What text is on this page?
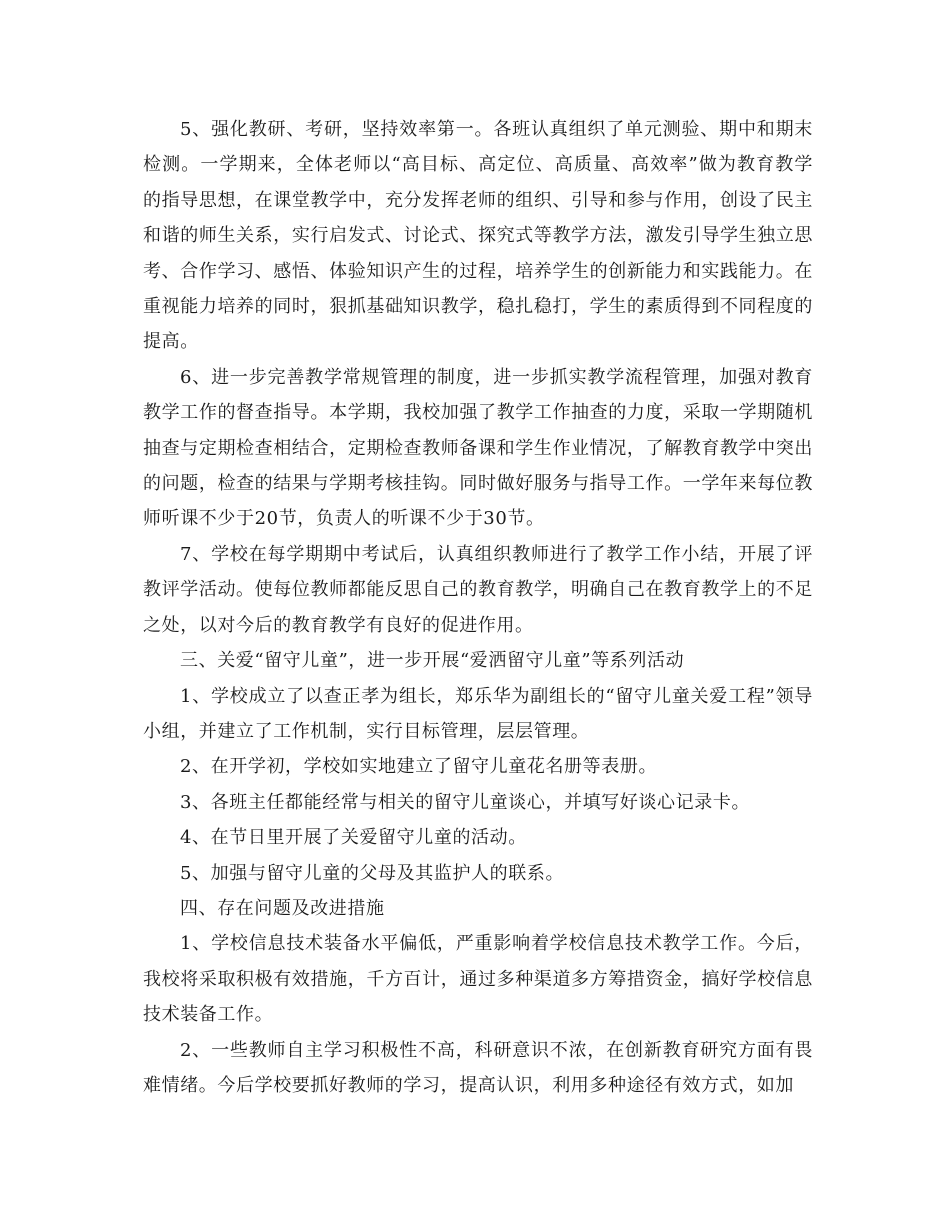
5、强化教研、考研，坚持效率第一。各班认真组织了单元测验、期中和期末检测。一学期来，全体老师以“高目标、高定位、高质量、高效率”做为教育教学的指导思想，在课堂教学中，充分发挥老师的组织、引导和参与作用，创设了民主和谐的师生关系，实行启发式、讨论式、探究式等教学方法，激发引导学生独立思考、合作学习、感悟、体验知识产生的过程，培养学生的创新能力和实践能力。在重视能力培养的同时，狠抓基础知识教学，稳扎稳打，学生的素质得到不同程度的提高。

6、进一步完善教学常规管理的制度，进一步抓实教学流程管理，加强对教育教学工作的督查指导。本学期，我校加强了教学工作抽查的力度，采取一学期随机抽查与定期检查相结合，定期检查教师备课和学生作业情况，了解教育教学中突出的问题，检查的结果与学期考核挂钩。同时做好服务与指导工作。一学年来每位教师听课不少于20节，负责人的听课不少于30节。

7、学校在每学期期中考试后，认真组织教师进行了教学工作小结，开展了评教评学活动。使每位教师都能反思自己的教育教学，明确自己在教育教学上的不足之处，以对今后的教育教学有良好的促进作用。

三、关爱“留守儿童”，进一步开展“爱洒留守儿童”等系列活动

1、学校成立了以查正孝为组长，郑乐华为副组长的“留守儿童关爱工程”领导小组，并建立了工作机制，实行目标管理，层层管理。

2、在开学初，学校如实地建立了留守儿童花名册等表册。

3、各班主任都能经常与相关的留守儿童谈心，并填写好谈心记录卡。

4、在节日里开展了关爱留守儿童的活动。

5、加强与留守儿童的父母及其监护人的联系。

四、存在问题及改进措施

1、学校信息技术装备水平偏低，严重影响着学校信息技术教学工作。今后，我校将采取积极有效措施，千方百计，通过多种渠道多方筹措资金，搞好学校信息技术装备工作。

2、一些教师自主学习积极性不高，科研意识不浓，在创新教育研究方面有畏难情绪。今后学校要抓好教师的学习，提高认识，利用多种途径有效方式，如加
